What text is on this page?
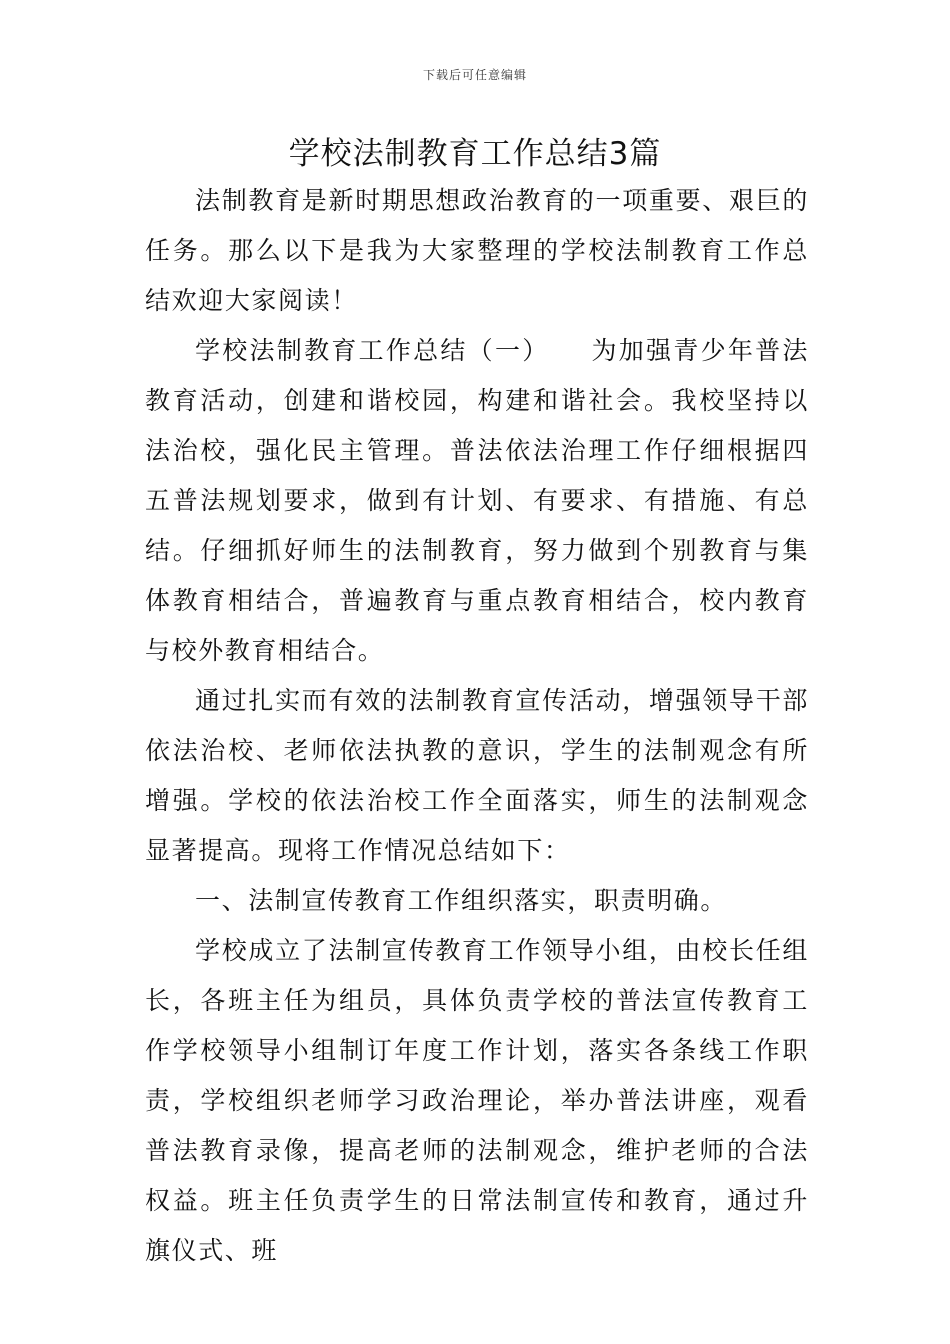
下载后可任意编辑
学校法制教育工作总结3篇

法制教育是新时期思想政治教育的一项重要、艰巨的任务。那么以下是我为大家整理的学校法制教育工作总结欢迎大家阅读！

学校法制教育工作总结（一）　　为加强青少年普法教育活动，创建和谐校园，构建和谐社会。我校坚持以法治校，强化民主管理。普法依法治理工作仔细根据四五普法规划要求，做到有计划、有要求、有措施、有总结。仔细抓好师生的法制教育，努力做到个别教育与集体教育相结合，普遍教育与重点教育相结合，校内教育与校外教育相结合。

通过扎实而有效的法制教育宣传活动，增强领导干部依法治校、老师依法执教的意识，学生的法制观念有所增强。学校的依法治校工作全面落实，师生的法制观念显著提高。现将工作情况总结如下：

一、法制宣传教育工作组织落实，职责明确。

学校成立了法制宣传教育工作领导小组，由校长任组长，各班主任为组员，具体负责学校的普法宣传教育工作学校领导小组制订年度工作计划，落实各条线工作职责，学校组织老师学习政治理论，举办普法讲座，观看普法教育录像，提高老师的法制观念，维护老师的合法权益。班主任负责学生的日常法制宣传和教育，通过升旗仪式、班
